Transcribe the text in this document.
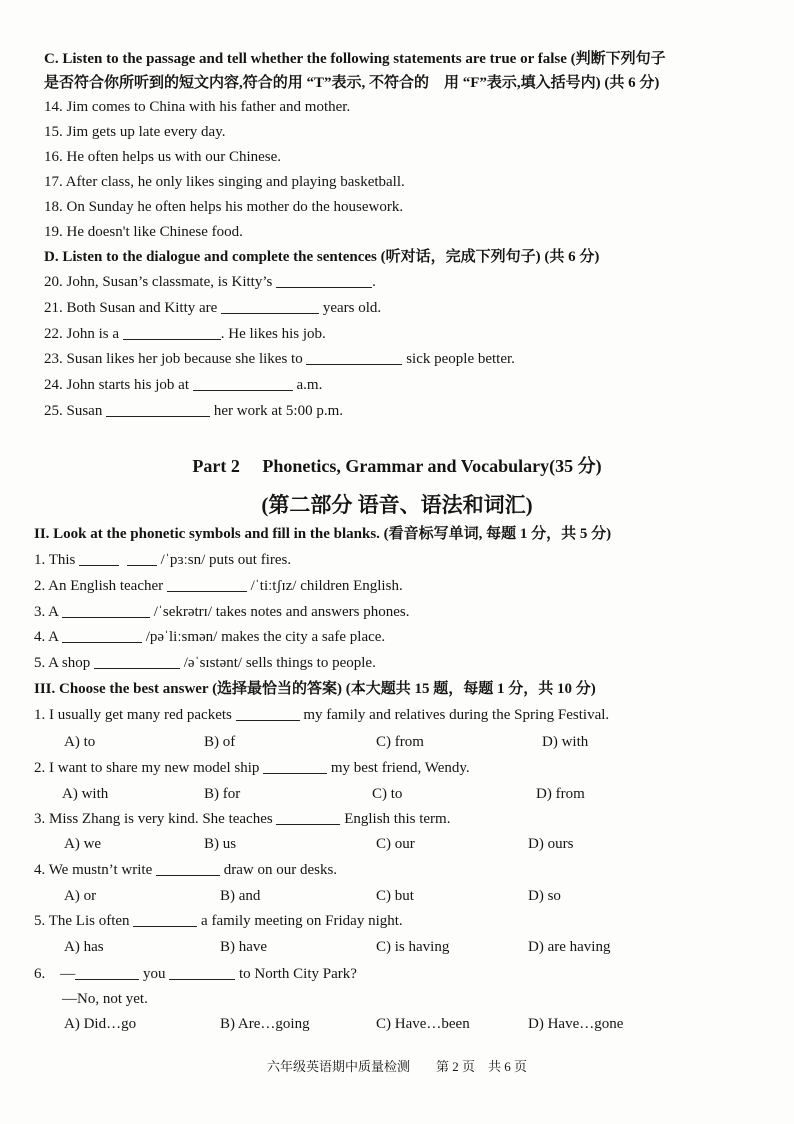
C. Listen to the passage and tell whether the following statements are true or false (判断下列句子
是否符合你所听到的短文内容,符合的用 “T”表示, 不符合的　用 “F”表示,填入括号内) (共 6 分)
14. Jim comes to China with his father and mother.
15. Jim gets up late every day.
16. He often helps us with our Chinese.
17. After class, he only likes singing and playing basketball.
18. On Sunday he often helps his mother do the housework.
19. He doesn't like Chinese food.
D. Listen to the dialogue and complete the sentences (听对话，完成下列句子) (共 6 分)
20. John, Susan’s classmate, is Kitty’s	.
21. Both Susan and Kitty are	years old.
22. John is a	. He likes his job.
23. Susan likes her job because she likes to	sick people better.
24. John starts his job at	a.m.
25. Susan	her work at 5:00 p.m.
Part 2　 Phonetics, Grammar and Vocabulary(35 分)
(第二部分 语音、语法和词汇)
II. Look at the phonetic symbols and fill in the blanks. (看音标写单词, 每题 1 分，共 5 分)
1. This	/ˈpɜːsn/ puts out fires.
2. An English teacher	/ˈtiːtʃɪz/ children English.
3. A	/ˈsekrətrɪ/ takes notes and answers phones.
4. A	/pəˈliːsmən/ makes the city a safe place.
5. A shop	/əˈsɪstənt/ sells things to people.
III. Choose the best answer (选择最恰当的答案) (本大题共 15 题，每题 1 分，共 10 分)
1. I usually get many red packets	my family and relatives during the Spring Festival.
A) to	B) of	C) from	D) with
2. I want to share my new model ship	my best friend, Wendy.
A) with	B) for	C) to	D) from
3. Miss Zhang is very kind. She teaches	English this term.
A) we	B) us	C) our	D) ours
4. We mustn’t write	draw on our desks.
A) or	B) and	C) but	D) so
5. The Lis often	a family meeting on Friday night.
A) has	B) have	C) is having	D) are having
6.　—	you	to North City Park?
—No, not yet.
A) Did…go	B) Are…going	C) Have…been	D) Have…gone
六年级英语期中质量检测　　第 2 页　共 6 页
